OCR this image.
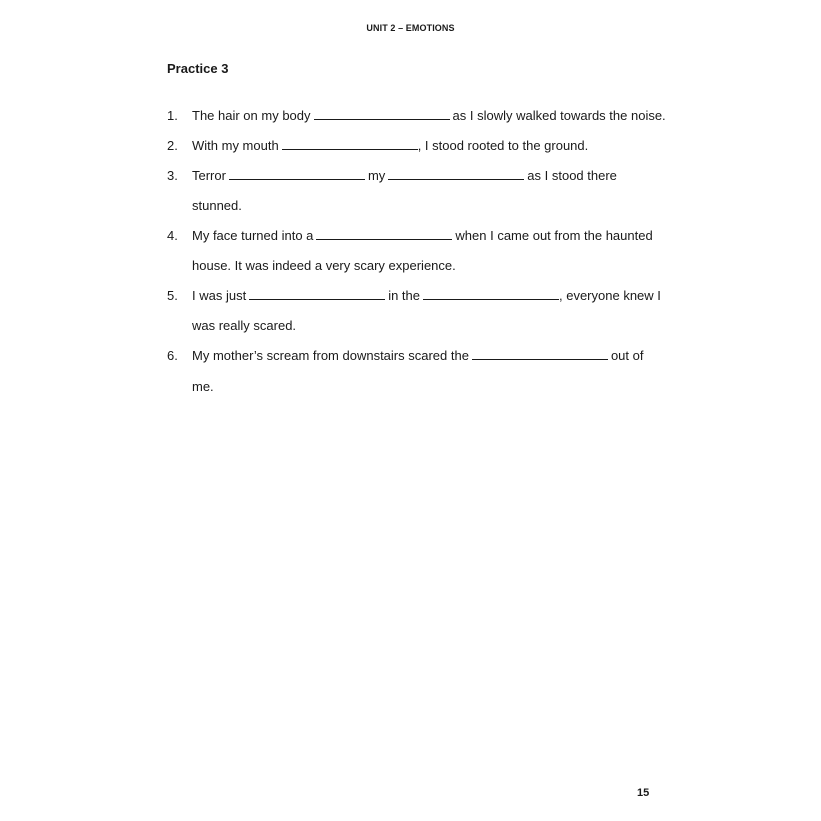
UNIT 2 – EMOTIONS
Practice 3
1. The hair on my body	as I slowly walked towards the noise.
2. With my mouth	, I stood rooted to the ground.
3. Terror	my	as I stood there
stunned.
4. My face turned into a	when I came out from the haunted
house. It was indeed a very scary experience.
5. I was just	in the	, everyone knew I
was really scared.
6. My mother’s scream from downstairs scared the	out of
me.
15
